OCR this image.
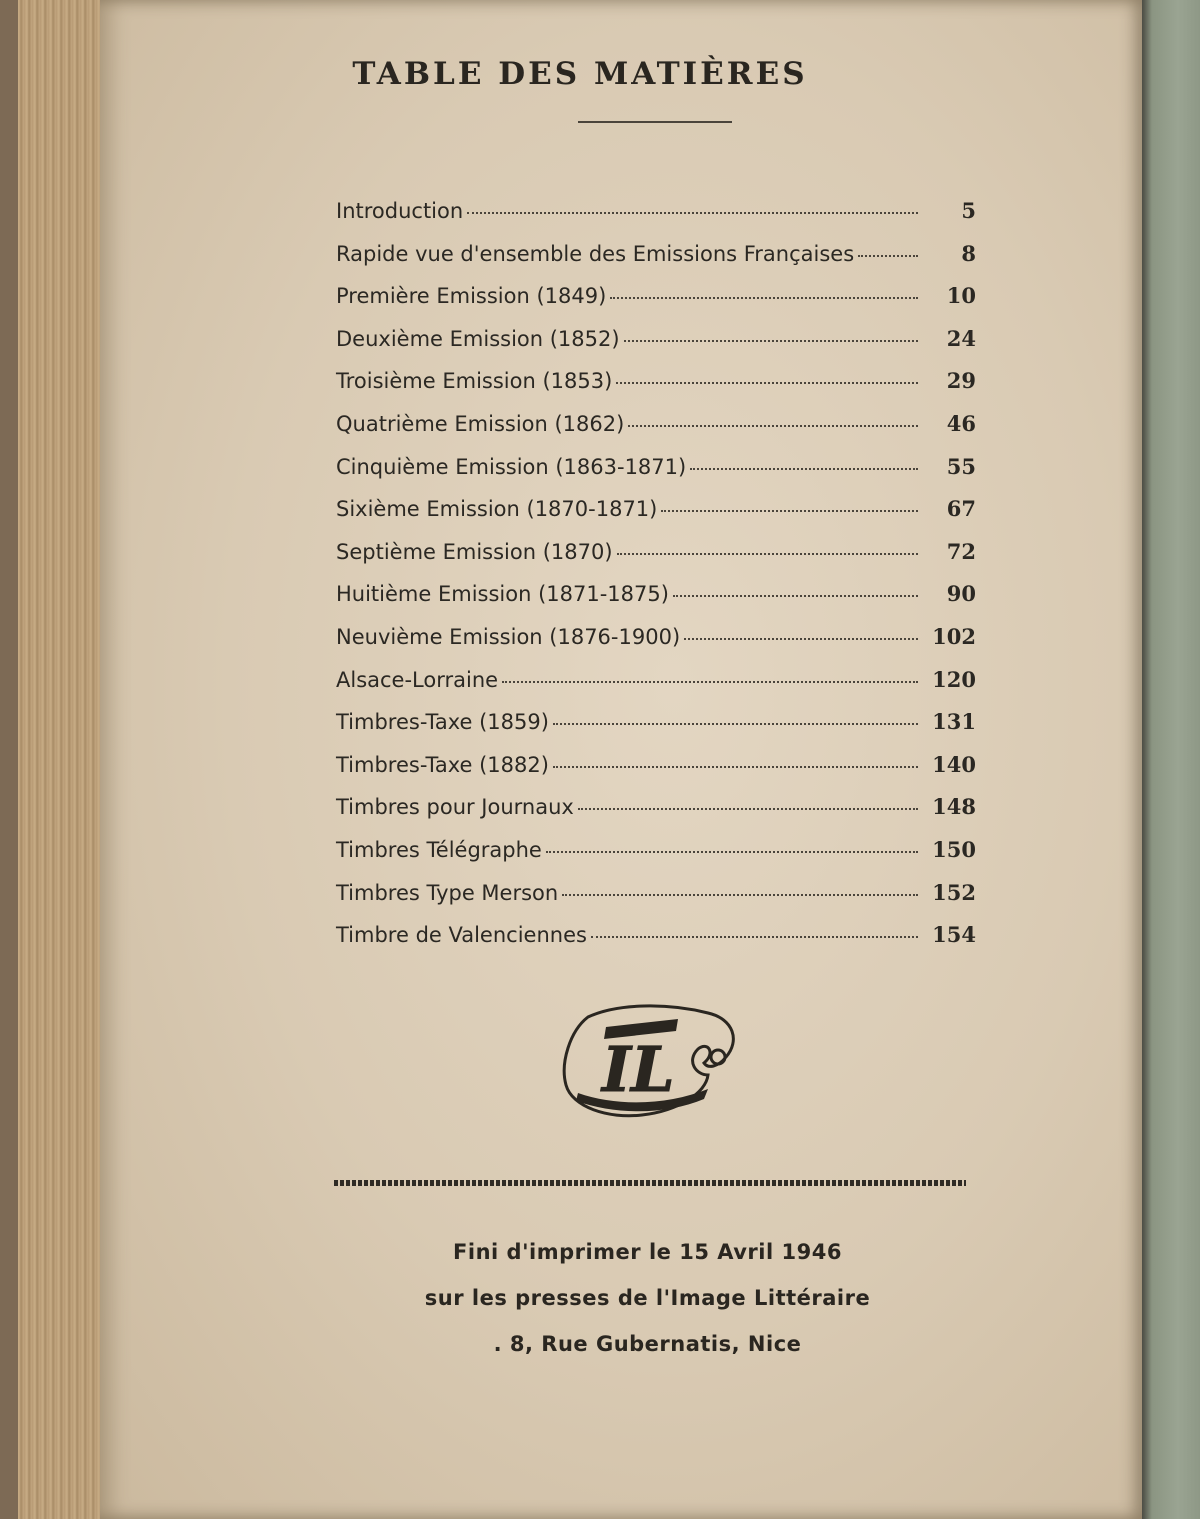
TABLE DES MATIÈRES
Introduction	5
Rapide vue d'ensemble des Emissions Françaises	8
Première Emission (1849)	10
Deuxième Emission (1852)	24
Troisième Emission (1853)	29
Quatrième Emission (1862)	46
Cinquième Emission (1863-1871)	55
Sixième Emission (1870-1871)	67
Septième Emission (1870)	72
Huitième Emission (1871-1875)	90
Neuvième Emission (1876-1900)	102
Alsace-Lorraine	120
Timbres-Taxe (1859)	131
Timbres-Taxe (1882)	140
Timbres pour Journaux	148
Timbres Télégraphe	150
Timbres Type Merson	152
Timbre de Valenciennes	154
IL

Fini d'imprimer le 15 Avril 1946

sur les presses de l'Image Littéraire

. 8, Rue Gubernatis, Nice
